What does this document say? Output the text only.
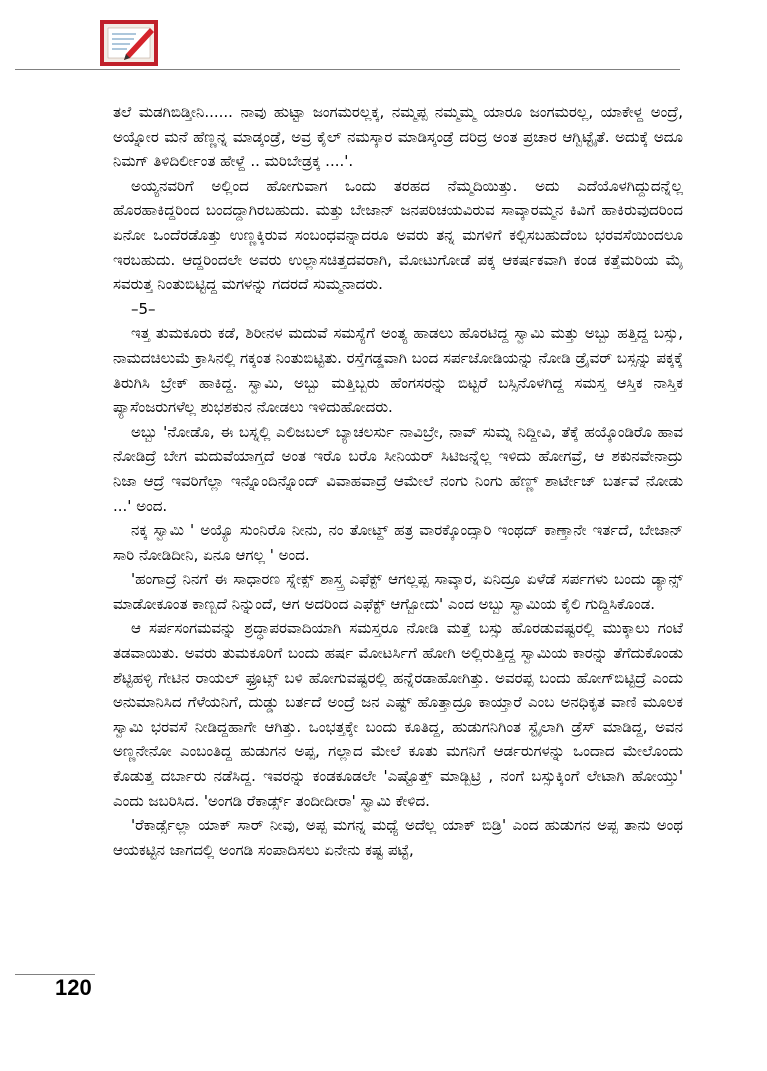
ತಲೆ ಮಡಗಿಬಿಡ್ತೀನಿ...... ನಾವು ಹುಟ್ಟಾ ಜಂಗಮರಲ್ಲಕ್ಕ, ನಮ್ಮಪ್ಪ ನಮ್ಮಮ್ಮ ಯಾರೂ ಜಂಗಮರಲ್ಲ, ಯಾಕೇಳ್ದ ಅಂದ್ರೆ, ಅಯ್ನೋರ ಮನೆ ಹೆಣ್ಣನ್ನ ಮಾಡ್ಕಂಡ್ರೆ, ಅವ್ರ ಕೈಲ್ ನಮಸ್ಕಾರ ಮಾಡಿಸ್ಕಂಡ್ರೆ ದರಿದ್ರ ಅಂತ ಪ್ರಚಾರ ಆಗ್ಬಿಟ್ಟೈತೆ. ಅದುಕ್ಕೆ ಅದೂ ನಿಮಗ್ ತಿಳಿದಿರ್ಲೀಂತ ಹೇಳ್ದೆ .. ಮರಿಬೇಡ್ರಕ್ಕ ....'.

ಅಯ್ಯನವರಿಗೆ ಅಲ್ಲಿಂದ ಹೋಗುವಾಗ ಒಂದು ತರಹದ ನೆಮ್ಮದಿಯಿತ್ತು. ಅದು ಎದೆಯೊಳಗಿದ್ದುದನ್ನೆಲ್ಲ ಹೊರಹಾಕಿದ್ದರಿಂದ ಬಂದದ್ದಾಗಿರಬಹುದು. ಮತ್ತು ಬೇಜಾನ್ ಜನಪರಿಚಯವಿರುವ ಸಾವ್ಕಾರಮ್ಮನ ಕಿವಿಗೆ ಹಾಕಿರುವುದರಿಂದ ಏನೋ ಒಂದೆರಡೊತ್ತು ಉಣ್ಣಕ್ಕಿರುವ ಸಂಬಂಧವನ್ನಾದರೂ ಅವರು ತನ್ನ ಮಗಳಿಗೆ ಕಲ್ಪಿಸಬಹುದೆಂಬ ಭರವಸೆಯಿಂದಲೂ ಇರಬಹುದು. ಆದ್ದರಿಂದಲೇ ಅವರು ಉಲ್ಲಾಸಚಿತ್ತದವರಾಗಿ, ಮೋಟುಗೋಡೆ ಪಕ್ಕ ಆಕರ್ಷಕವಾಗಿ ಕಂಡ ಕತ್ತೆಮರಿಯ ಮೈ ಸವರುತ್ತ ನಿಂತುಬಿಟ್ಟಿದ್ದ ಮಗಳನ್ನು ಗದರದೆ ಸುಮ್ಮನಾದರು.

–5–

ಇತ್ತ ತುಮಕೂರು ಕಡೆ, ಶಿರೀನಳ ಮದುವೆ ಸಮಸ್ಯೆಗೆ ಅಂತ್ಯ ಹಾಡಲು ಹೊರಟಿದ್ದ ಸ್ವಾಮಿ ಮತ್ತು ಅಬ್ಬು ಹತ್ತಿದ್ದ ಬಸ್ಸು, ನಾಮದಚಿಲುಮೆ ಕ್ರಾಸಿನಲ್ಲಿ ಗಕ್ಕಂತ ನಿಂತುಬಿಟ್ಟಿತು. ರಸ್ತೆಗಡ್ಡವಾಗಿ ಬಂದ ಸರ್ಪಜೋಡಿಯನ್ನು ನೋಡಿ ಡ್ರೈವರ್ ಬಸ್ಸನ್ನು ಪಕ್ಕಕ್ಕೆ ತಿರುಗಿಸಿ ಬ್ರೇಕ್ ಹಾಕಿದ್ದ. ಸ್ವಾಮಿ, ಅಬ್ಬು ಮತ್ತಿಬ್ಬರು ಹೆಂಗಸರನ್ನು ಬಿಟ್ಟರೆ ಬಸ್ಸಿನೊಳಗಿದ್ದ ಸಮಸ್ತ ಆಸ್ತಿಕ ನಾಸ್ತಿಕ ಪ್ಯಾಸೆಂಜರುಗಳೆಲ್ಲ ಶುಭಶಕುನ ನೋಡಲು ಇಳಿದುಹೋದರು.

ಅಬ್ಬು 'ನೋಡೊ, ಈ ಬಸ್ನಲ್ಲಿ ಎಲಿಜಬಲ್ ಬ್ಯಾಚಲರ್ಸು ನಾವಿಬ್ರೇ, ನಾವ್ ಸುಮ್ನ ನಿದ್ದೀವಿ, ತೆಕ್ಕೆ ಹಯ್ಕೊಂಡಿರೊ ಹಾವ ನೋಡಿದ್ರೆ ಬೇಗ ಮದುವೆಯಾಗ್ತದೆ ಅಂತ ಇರೊ ಬರೊ ಸೀನಿಯರ್ ಸಿಟಿಜನ್ನೆಲ್ಲ ಇಳಿದು ಹೋಗವ್ರೆ, ಆ ಶಕುನವೇನಾದ್ರು ನಿಜಾ ಆದ್ರೆ ಇವರಿಗೆಲ್ಲಾ ಇನ್ನೊಂದಿನ್ನೊಂದ್ ವಿವಾಹವಾದ್ರೆ ಆಮೇಲೆ ನಂಗು ನಿಂಗು ಹೆಣ್ಣ್ ಶಾರ್ಟೇಜ್ ಬರ್ತವೆ ನೋಡು ...' ಅಂದ.

ನಕ್ಕ ಸ್ವಾಮಿ ' ಅಯ್ಯೊ ಸುಂನಿರೊ ನೀನು, ನಂ ತೋಟ್ದ್ ಹತ್ರ ವಾರಕ್ಕೊಂದ್ಸಾರಿ ಇಂಥದ್ ಕಾಣ್ತಾನೇ ಇರ್ತದೆ, ಬೇಜಾನ್ ಸಾರಿ ನೋಡಿದೀನಿ, ಏನೂ ಆಗಲ್ಲ ' ಅಂದ.

'ಹಂಗಾದ್ರೆ ನಿನಗೆ ಈ ಸಾಧಾರಣ ಸ್ನೇಕ್ಸ್ ಶಾಸ್ತ್ರ ಎಫೆಕ್ಟ್ ಆಗಲ್ಲಪ್ಪ ಸಾವ್ಕಾರ, ಏನಿದ್ರೂ ಏಳೆಡೆ ಸರ್ಪಗಳು ಬಂದು ಡ್ಯಾನ್ಸ್ ಮಾಡೋಕೂಂತ ಕಾಣ್ಬದೆ ನಿನ್ನುಂದೆ, ಆಗ ಅದರಿಂದ ಎಫೆಕ್ಟ್ ಆಗ್ಬೋದು' ಎಂದ ಅಬ್ಬು ಸ್ವಾಮಿಯ ಕೈಲಿ ಗುದ್ದಿಸಿಕೊಂಡ.

ಆ ಸರ್ಪಸಂಗಮವನ್ನು ಶ್ರದ್ಧಾಪರವಾದಿಯಾಗಿ ಸಮಸ್ತರೂ ನೋಡಿ ಮತ್ತೆ ಬಸ್ಸು ಹೊರಡುವಷ್ಟರಲ್ಲಿ ಮುಕ್ಕಾಲು ಗಂಟೆ ತಡವಾಯಿತು. ಅವರು ತುಮಕೂರಿಗೆ ಬಂದು ಹರ್ಷ ಮೋಟರ್ಸಿಗೆ ಹೋಗಿ ಅಲ್ಲಿರುತ್ತಿದ್ದ ಸ್ವಾಮಿಯ ಕಾರನ್ನು ತೆಗೆದುಕೊಂಡು ಶೆಟ್ಟಿಹಳ್ಳಿ ಗೇಟಿನ ರಾಯಲ್ ಫ್ರೂಟ್ಸ್ ಬಳಿ ಹೋಗುವಷ್ಟರಲ್ಲಿ ಹನ್ನೆರಡಾಹೋಗಿತ್ತು. ಅವರಪ್ಪ ಬಂದು ಹೋಗ್‍ಬಿಟ್ಟಿದ್ರೆ ಎಂದು ಅನುಮಾನಿಸಿದ ಗೆಳೆಯನಿಗೆ, ದುಡ್ಡು ಬರ್ತದೆ ಅಂದ್ರೆ ಜನ ಎಷ್ಟ್ ಹೊತ್ತಾದ್ರೂ ಕಾಯ್ತಾರೆ ಎಂಬ ಅನಧಿಕೃತ ವಾಣಿ ಮೂಲಕ ಸ್ವಾಮಿ ಭರವಸೆ ನೀಡಿದ್ದಹಾಗೇ ಆಗಿತ್ತು. ಒಂಭತ್ತಕ್ಕೇ ಬಂದು ಕೂತಿದ್ದ, ಹುಡುಗನಿಗಿಂತ ಸ್ಟೈಲಾಗಿ ಡ್ರೆಸ್ ಮಾಡಿದ್ದ, ಅವನ ಅಣ್ಣನೇನೋ ಎಂಬಂತಿದ್ದ ಹುಡುಗನ ಅಪ್ಪ, ಗಲ್ಲಾದ ಮೇಲೆ ಕೂತು ಮಗನಿಗೆ ಆರ್ಡರುಗಳನ್ನು ಒಂದಾದ ಮೇಲೊಂದು ಕೊಡುತ್ತ ದರ್ಬಾರು ನಡೆಸಿದ್ದ. ಇವರನ್ನು ಕಂಡಕೂಡಲೇ 'ಎಷ್ಟೊತ್ತ್ ಮಾಡ್ಬಿಟ್ರಿ , ನಂಗೆ ಬಸ್ಸುಕ್ಕಿಂಗೆ ಲೇಟಾಗಿ ಹೋಯ್ತು' ಎಂದು ಜಬರಿಸಿದ. 'ಅಂಗಡಿ ರೆಕಾರ್ಡ್ಸ್ ತಂದೀದೀರಾ' ಸ್ವಾಮಿ ಕೇಳಿದ.

'ರೆಕಾರ್ಡ್ಸೆಲ್ಲಾ ಯಾಕ್ ಸಾರ್ ನೀವು, ಅಪ್ಪ ಮಗನ್ನ ಮಧ್ಯೆ ಅದೆಲ್ಲ ಯಾಕ್ ಬಿಡ್ರಿ' ಎಂದ ಹುಡುಗನ ಅಪ್ಪ ತಾನು ಅಂಥ ಆಯಕಟ್ಟಿನ ಜಾಗದಲ್ಲಿ ಅಂಗಡಿ ಸಂಪಾದಿಸಲು ಏನೇನು ಕಷ್ಟ ಪಟ್ಟೆ,

120
